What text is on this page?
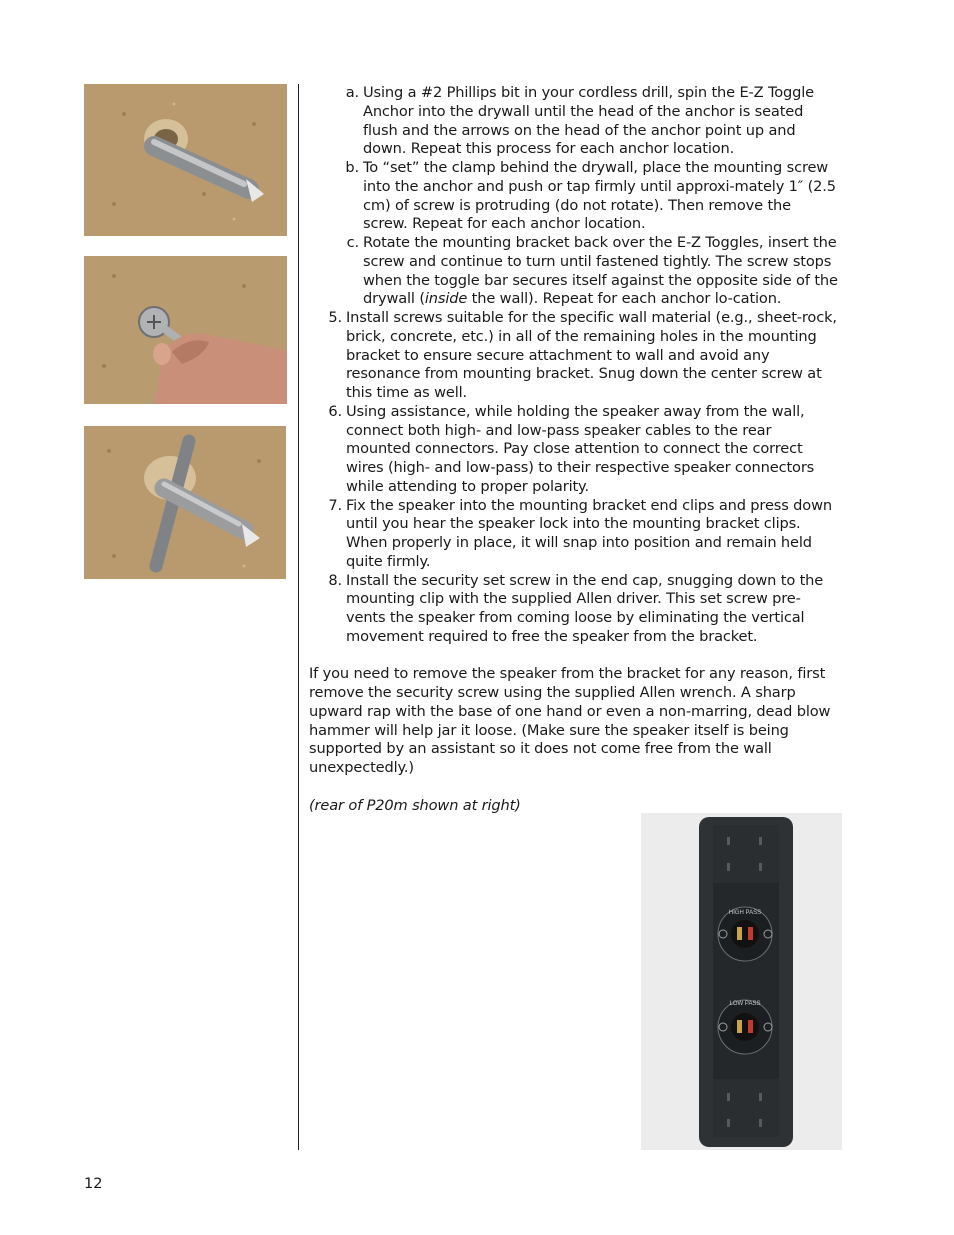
a. Using a #2 Phillips bit in your cordless drill, spin the E-Z Toggle Anchor into the drywall until the head of the anchor is seated flush and the arrows on the head of the anchor point up and down. Repeat this process for each anchor location.
b. To “set” the clamp behind the drywall, place the mounting screw into the anchor and push or tap firmly until approxi-mately 1″ (2.5 cm) of screw is protruding (do not rotate). Then remove the screw. Repeat for each anchor location.
c. Rotate the mounting bracket back over the E-Z Toggles, insert the screw and continue to turn until fastened tightly. The screw stops when the toggle bar secures itself against the opposite side of the drywall (inside the wall). Repeat for each anchor lo-cation.
5. Install screws suitable for the specific wall material (e.g., sheet-rock, brick, concrete, etc.) in all of the remaining holes in the mounting bracket to ensure secure attachment to wall and avoid any resonance from mounting bracket. Snug down the center screw at this time as well.
6. Using assistance, while holding the speaker away from the wall, connect both high- and low-pass speaker cables to the rear mounted connectors. Pay close attention to connect the correct wires (high- and low-pass) to their respective speaker connectors while attending to proper polarity.
7. Fix the speaker into the mounting bracket end clips and press down until you hear the speaker lock into the mounting bracket clips. When properly in place, it will snap into position and remain held quite firmly.
8. Install the security set screw in the end cap, snugging down to the mounting clip with the supplied Allen driver. This set screw pre-vents the speaker from coming loose by eliminating the vertical movement required to free the speaker from the bracket.

If you need to remove the speaker from the bracket for any reason, first remove the security screw using the supplied Allen wrench. A sharp upward rap with the base of one hand or even a non-marring, dead blow hammer will help jar it loose. (Make sure the speaker itself is being supported by an assistant so it does not come free from the wall unexpectedly.)

(rear of P20m shown at right)

HIGH PASS
LOW PASS
12
